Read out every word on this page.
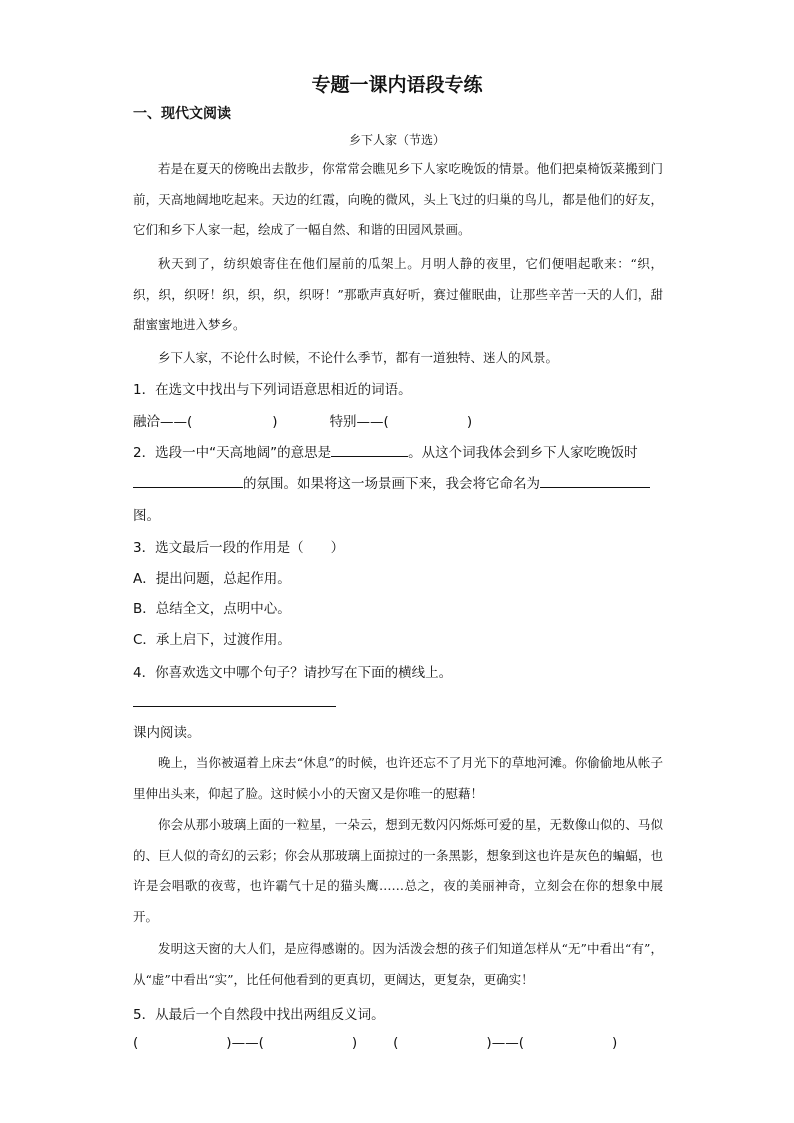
专题一课内语段专练
一、现代文阅读
乡下人家（节选）
若是在夏天的傍晚出去散步，你常常会瞧见乡下人家吃晚饭的情景。他们把桌椅饭菜搬到门前，天高地阔地吃起来。天边的红霞，向晚的微风，头上飞过的归巢的鸟儿，都是他们的好友，它们和乡下人家一起，绘成了一幅自然、和谐的田园风景画。
秋天到了，纺织娘寄住在他们屋前的瓜架上。月明人静的夜里，它们便唱起歌来：“织，织，织，织呀！织，织，织，织呀！”那歌声真好听，赛过催眠曲，让那些辛苦一天的人们，甜甜蜜蜜地进入梦乡。
乡下人家，不论什么时候，不论什么季节，都有一道独特、迷人的风景。
1．在选文中找出与下列词语意思相近的词语。
融洽——(	)	特别——(	)
2．选段一中“天高地阔”的意思是	。从这个词我体会到乡下人家吃晚饭时
的氛围。如果将这一场景画下来，我会将它命名为
图。
3．选文最后一段的作用是（　　）
A．提出问题，总起作用。
B．总结全文，点明中心。
C．承上启下，过渡作用。
4．你喜欢选文中哪个句子？请抄写在下面的横线上。
课内阅读。
晚上，当你被逼着上床去“休息”的时候，也许还忘不了月光下的草地河滩。你偷偷地从帐子里伸出头来，仰起了脸。这时候小小的天窗又是你唯一的慰藉！
你会从那小玻璃上面的一粒星，一朵云，想到无数闪闪烁烁可爱的星，无数像山似的、马似的、巨人似的奇幻的云彩；你会从那玻璃上面掠过的一条黑影，想象到这也许是灰色的蝙蝠，也许是会唱歌的夜莺，也许霸气十足的猫头鹰……总之，夜的美丽神奇，立刻会在你的想象中展开。
发明这天窗的大人们，是应得感谢的。因为活泼会想的孩子们知道怎样从“无”中看出“有”，从“虚”中看出“实”，比任何他看到的更真切，更阔达，更复杂，更确实！
5．从最后一个自然段中找出两组反义词。
(	)——(	)	(	)——(	)
